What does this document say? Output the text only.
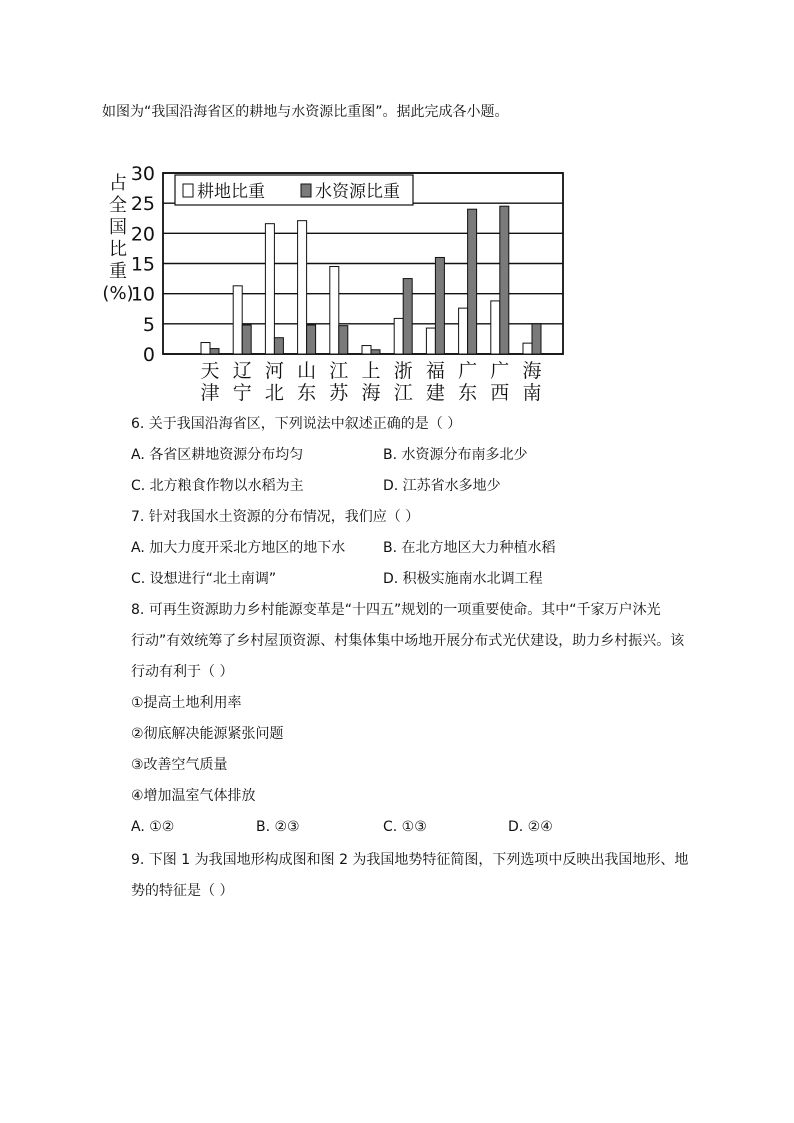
如图为“我国沿海省区的耕地与水资源比重图”。据此完成各小题。
占
全
国
比
重
(%)
0
5
10
15
20
25
30
天
津
辽
宁
河
北
山
东
江
苏
上
海
浙
江
福
建
广
东
广
西
海
南
耕地比重	水资源比重
6. 关于我国沿海省区，下列说法中叙述正确的是（ ）
A. 各省区耕地资源分布均匀	B. 水资源分布南多北少
C. 北方粮食作物以水稻为主	D. 江苏省水多地少
7. 针对我国水土资源的分布情况，我们应（ ）
A. 加大力度开采北方地区的地下水	B. 在北方地区大力种植水稻
C. 设想进行“北土南调”	D. 积极实施南水北调工程
8. 可再生资源助力乡村能源变革是“十四五”规划的一项重要使命。其中“千家万户沐光
行动”有效统筹了乡村屋顶资源、村集体集中场地开展分布式光伏建设，助力乡村振兴。该
行动有利于（ ）
①提高土地利用率
②彻底解决能源紧张问题
③改善空气质量
④增加温室气体排放
A. ①②	B. ②③	C. ①③	D. ②④
9. 下图 1 为我国地形构成图和图 2 为我国地势特征简图，下列选项中反映出我国地形、地
势的特征是（ ）
